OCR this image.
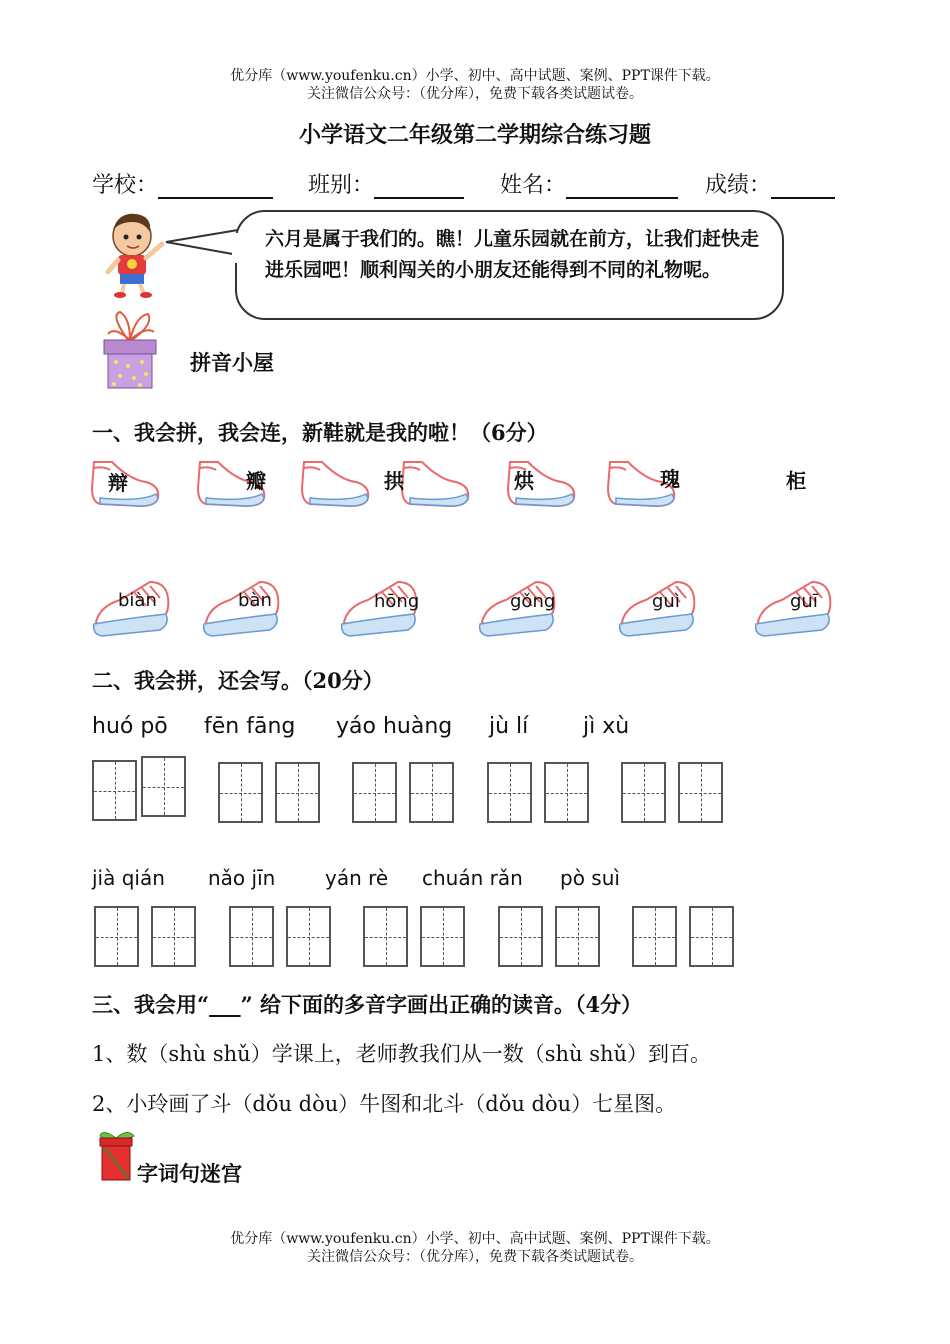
优分库（www.youfenku.cn）小学、初中、高中试题、案例、PPT课件下载。
关注微信公众号：（优分库），免费下载各类试题试卷。
小学语文二年级第二学期综合练习题
学校：	班别：	姓名：	成绩：
六月是属于我们的。瞧！儿童乐园就在前方，让我们赶快走进乐园吧！顺利闯关的小朋友还能得到不同的礼物呢。
拼音小屋
一、我会拼，我会连，新鞋就是我的啦！（6分）
辩	瓣	拱	烘	瑰	柜
biàn	bàn	hōng	gǒng	guì	guī
二、我会拼，还会写。（20分）
huó pō fēn fāng yáo huàng jù lí jì xù
jià qián nǎo jīn yán rè chuán rǎn pò suì
三、我会用“___” 给下面的多音字画出正确的读音。（4分）
1、数（shù shǔ）学课上，老师教我们从一数（shù shǔ）到百。
2、小玲画了斗（dǒu dòu）牛图和北斗（dǒu dòu）七星图。
字词句迷宫
优分库（www.youfenku.cn）小学、初中、高中试题、案例、PPT课件下载。
关注微信公众号：（优分库），免费下载各类试题试卷。
